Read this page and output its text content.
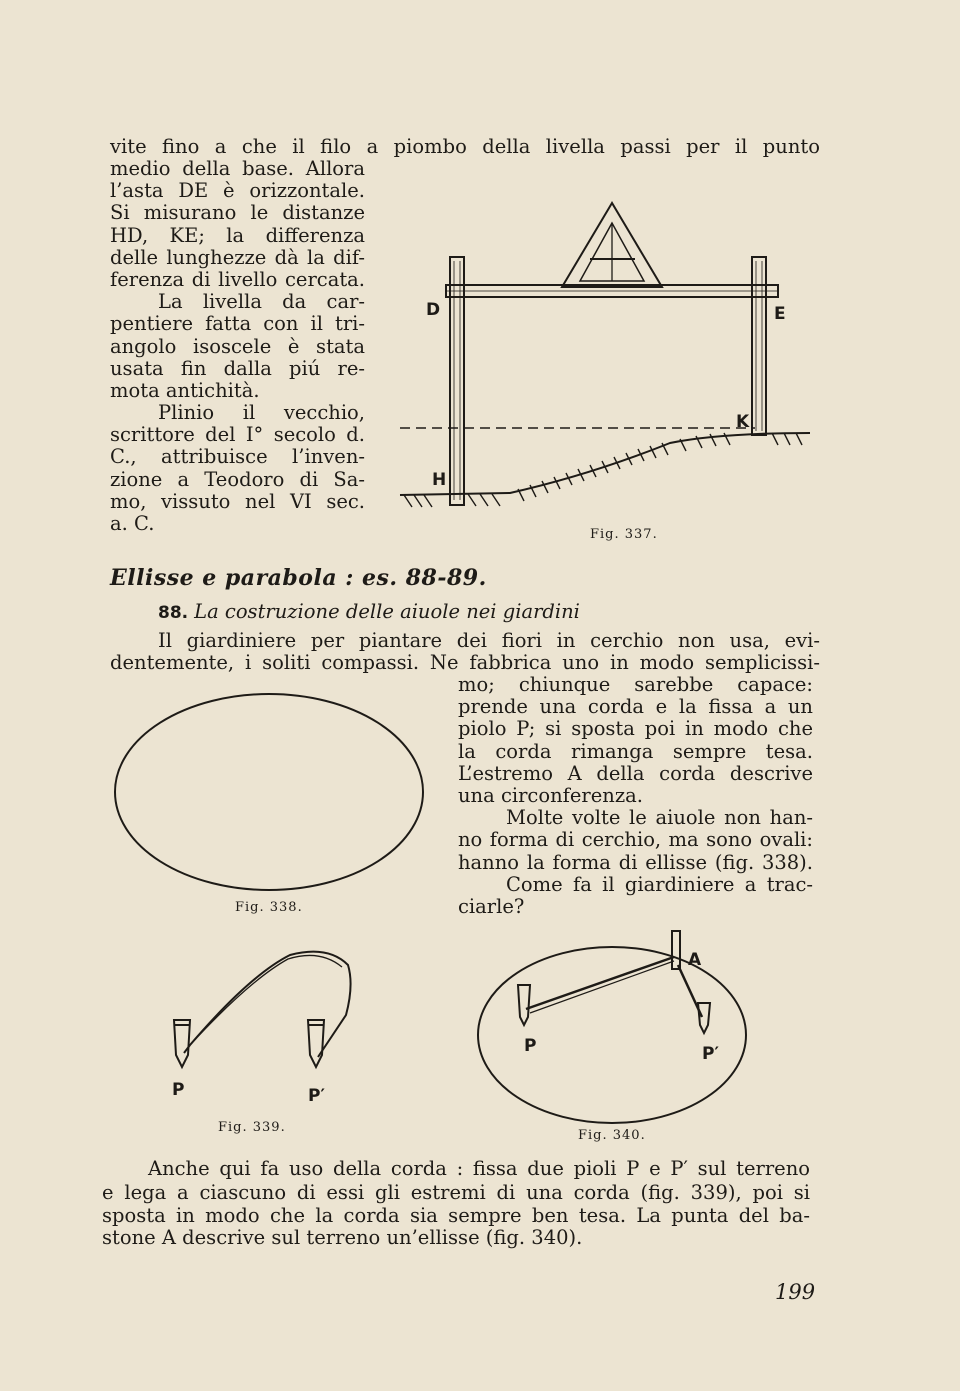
vite fino a che il filo a piombo della livella passi per il punto
medio della base. Allora
l’asta DE è orizzontale.
Si misurano le distanze
HD, KE; la differenza
delle lunghezze dà la dif-
ferenza di livello cercata.
La livella da car-
pentiere fatta con il tri-
angolo isoscele è stata
usata fin dalla piú re-
mota antichità.
Plinio il vecchio,
scrittore del I° secolo d.
C., attribuisce l’inven-
zione a Teodoro di Sa-
mo, vissuto nel VI sec.
a. C.
D	E
K
H
Fig. 337.
Ellisse e parabola : es. 88-89.
88. La costruzione delle aiuole nei giardini
Il giardiniere per piantare dei fiori in cerchio non usa, evi-
dentemente, i soliti compassi. Ne fabbrica uno in modo semplicissi-
mo; chiunque sarebbe capace:
prende una corda e la fissa a un
piolo P; si sposta poi in modo che
la corda rimanga sempre tesa.
L’estremo A della corda descrive
una circonferenza.
Molte volte le aiuole non han-
no forma di cerchio, ma sono ovali:
hanno la forma di ellisse (fig. 338).
Come fa il giardiniere a trac-
ciarle?
Fig. 338.
P	P′
Fig. 339.
A
P	P′
Fig. 340.
Anche qui fa uso della corda : fissa due pioli P e P′ sul terreno
e lega a ciascuno di essi gli estremi di una corda (fig. 339), poi si
sposta in modo che la corda sia sempre ben tesa. La punta del ba-
stone A descrive sul terreno un’ellisse (fig. 340).
199
